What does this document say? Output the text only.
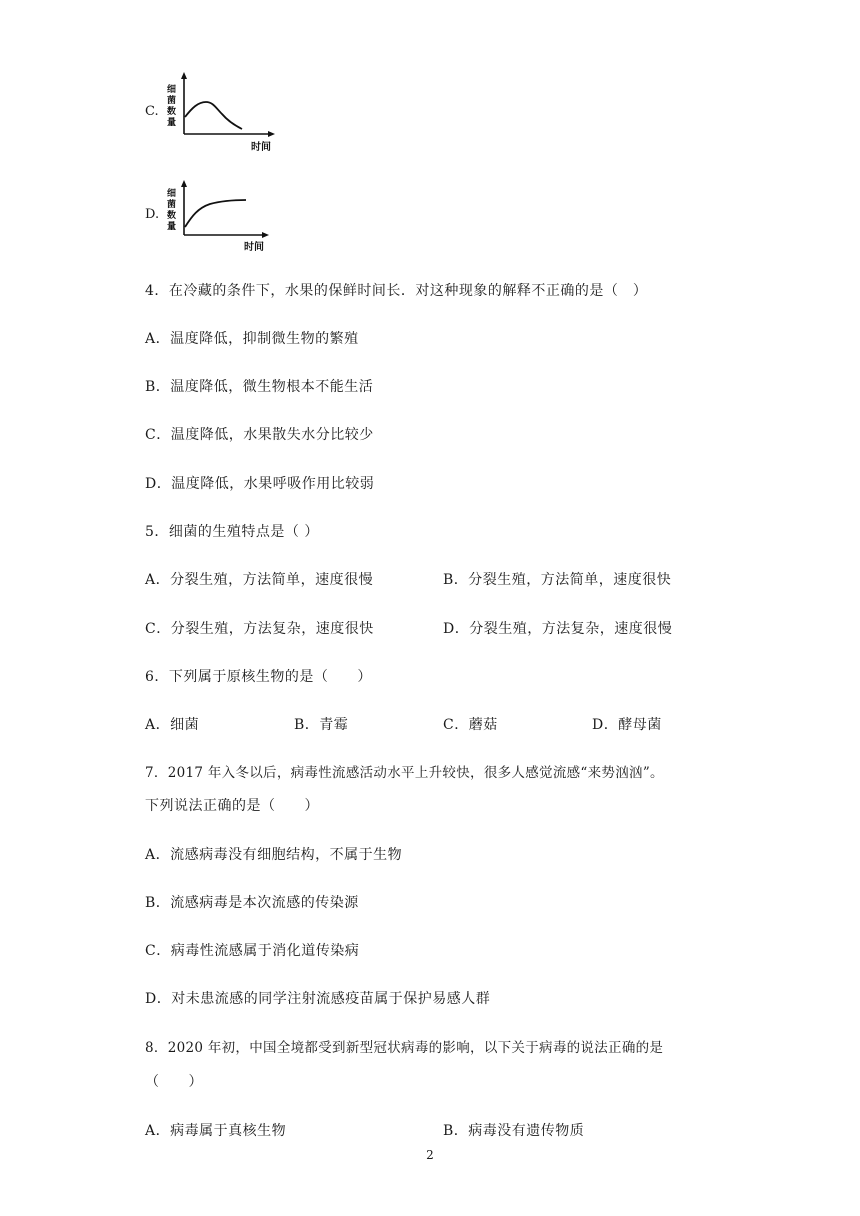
C.
细
菌
数
量
时间
D.
细
菌
数
量
时间
4．在冷藏的条件下，水果的保鲜时间长．对这种现象的解释不正确的是（　）
A．温度降低，抑制微生物的繁殖
B．温度降低，微生物根本不能生活
C．温度降低，水果散失水分比较少
D．温度降低，水果呼吸作用比较弱
5．细菌的生殖特点是（ ）
A．分裂生殖，方法简单，速度很慢	B．分裂生殖，方法简单，速度很快
C．分裂生殖，方法复杂，速度很快	D．分裂生殖，方法复杂，速度很慢
6．下列属于原核生物的是（　　）
A．细菌	B．青霉	C．蘑菇	D．酵母菌
7．2017 年入冬以后，病毒性流感活动水平上升较快，很多人感觉流感“来势汹汹”。
下列说法正确的是（　　）
A．流感病毒没有细胞结构，不属于生物
B．流感病毒是本次流感的传染源
C．病毒性流感属于消化道传染病
D．对未患流感的同学注射流感疫苗属于保护易感人群
8．2020 年初，中国全境都受到新型冠状病毒的影响，以下关于病毒的说法正确的是
（　　）
A．病毒属于真核生物	B．病毒没有遗传物质
2
